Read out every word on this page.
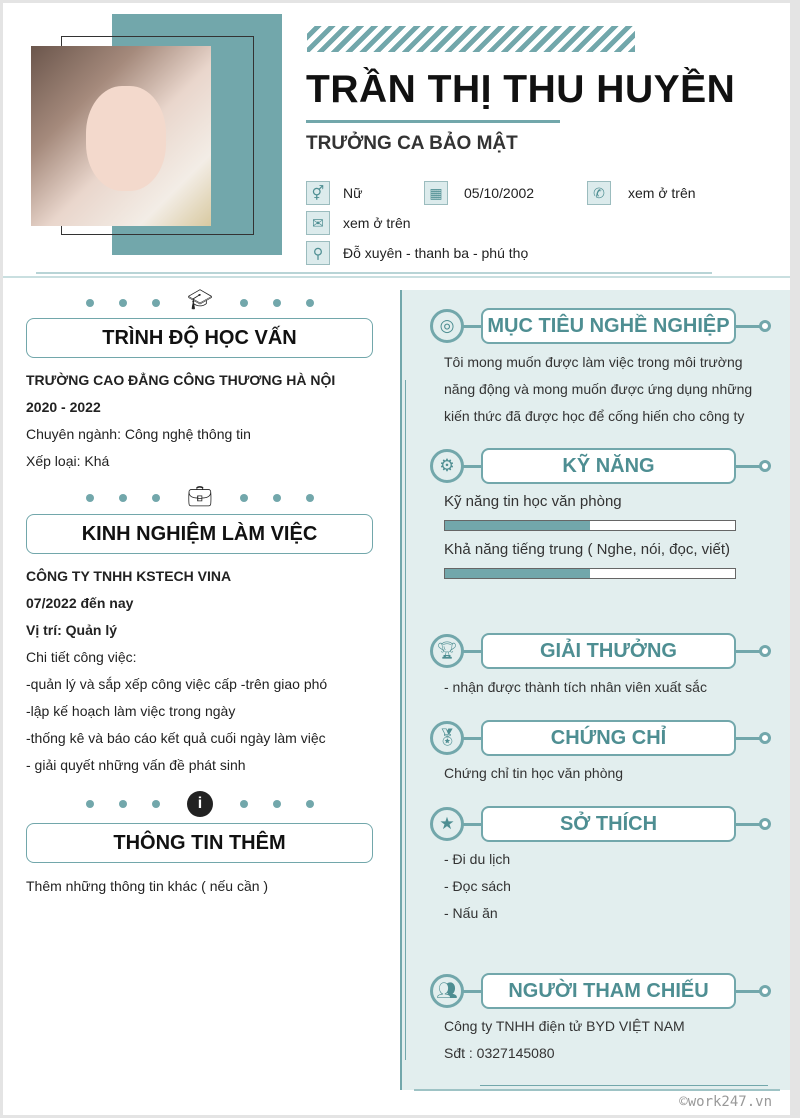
TRẦN THỊ THU HUYỀN
TRƯỞNG CA BẢO MẬT
⚥	Nữ	▦	05/10/2002	✆	xem ở trên
✉	xem ở trên
⚲	Đỗ xuyên - thanh ba - phú thọ
🎓︎
TRÌNH ĐỘ HỌC VẤN
TRƯỜNG CAO ĐẲNG CÔNG THƯƠNG HÀ NỘI
2020 - 2022
Chuyên ngành: Công nghệ thông tin
Xếp loại: Khá
💼︎
KINH NGHIỆM LÀM VIỆC
CÔNG TY TNHH KSTECH VINA
07/2022 đến nay
Vị trí: Quản lý
Chi tiết công việc:
-quản lý và sắp xếp công việc cấp -trên giao phó
-lập kế hoạch làm việc trong ngày
-thống kê và báo cáo kết quả cuối ngày làm việc
- giải quyết những vấn đề phát sinh
i
THÔNG TIN THÊM
Thêm những thông tin khác ( nếu cần )
◎	MỤC TIÊU NGHỀ NGHIỆP
Tôi mong muốn được làm việc trong môi trường
năng động và mong muốn được ứng dụng những
kiến thức đã được học để cống hiến cho công ty
⚙	KỸ NĂNG
Kỹ năng tin học văn phòng
Khả năng tiếng trung ( Nghe, nói, đọc, viết)
🏆︎	GIẢI THƯỞNG
- nhận được thành tích nhân viên xuất sắc
🏅︎	CHỨNG CHỈ
Chứng chỉ tin học văn phòng
★	SỞ THÍCH
- Đi du lịch
- Đọc sách
- Nấu ăn
👥︎	NGƯỜI THAM CHIẾU
Công ty TNHH điện tử BYD VIỆT NAM
Sđt : 0327145080
©work247.vn
